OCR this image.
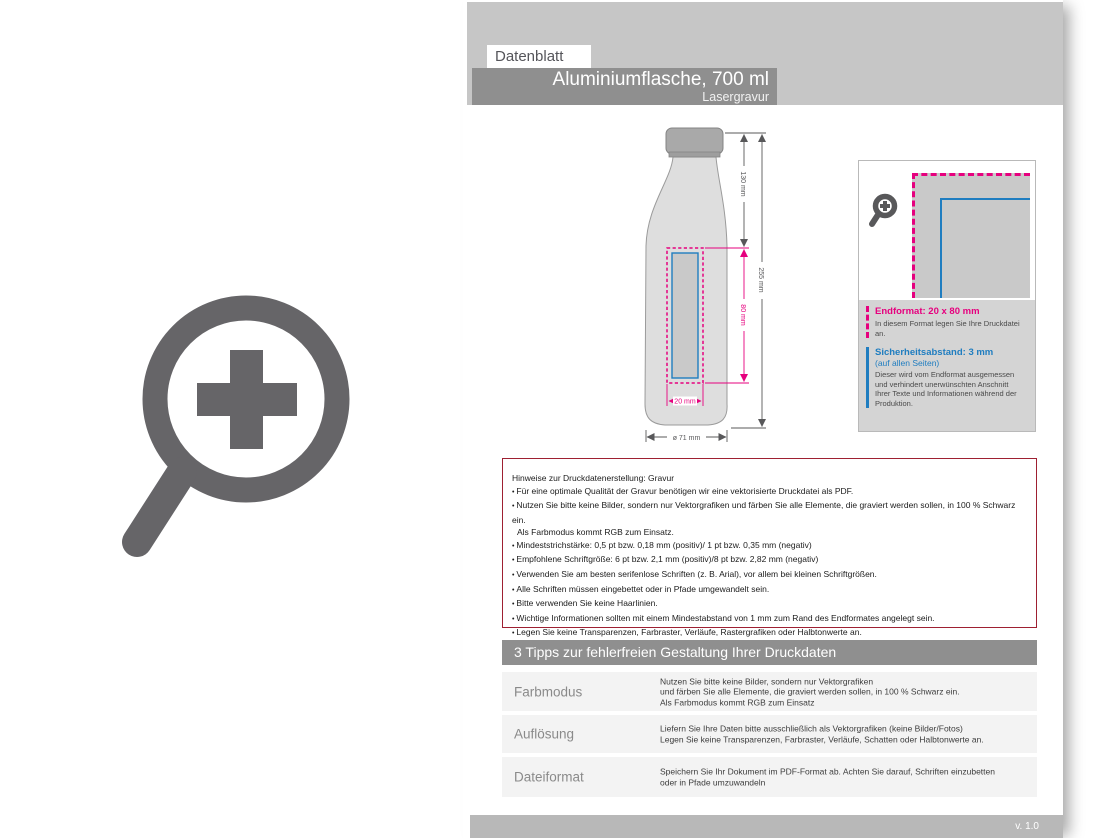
Datenblatt
Aluminiumflasche, 700 ml
Lasergravur
130 mm
80 mm
255 mm
20 mm
ø 71 mm
Endformat: 20 x 80 mm

In diesem Format legen Sie Ihre Druckdatei an.

Sicherheitsabstand: 3 mm
(auf allen Seiten)

Dieser wird vom Endformat ausgemessen und verhindert unerwünschten Anschnitt Ihrer Texte und Informationen während der Produktion.

Hinweise zur Druckdatenerstellung: Gravur
• Für eine optimale Qualität der Gravur benötigen wir eine vektorisierte Druckdatei als PDF.
• Nutzen Sie bitte keine Bilder, sondern nur Vektorgrafiken und färben Sie alle Elemente, die graviert werden sollen, in 100 % Schwarz ein.
Als Farbmodus kommt RGB zum Einsatz.
• Mindeststrichstärke: 0,5 pt bzw. 0,18 mm (positiv)/ 1 pt bzw. 0,35 mm (negativ)
• Empfohlene Schriftgröße: 6 pt bzw. 2,1 mm (positiv)/8 pt bzw. 2,82 mm (negativ)
• Verwenden Sie am besten serifenlose Schriften (z. B. Arial), vor allem bei kleinen Schriftgrößen.
• Alle Schriften müssen eingebettet oder in Pfade umgewandelt sein.
• Bitte verwenden Sie keine Haarlinien.
• Wichtige Informationen sollten mit einem Mindestabstand von 1 mm zum Rand des Endformates angelegt sein.
• Legen Sie keine Transparenzen, Farbraster, Verläufe, Rastergrafiken oder Halbtonwerte an.
3 Tipps zur fehlerfreien Gestaltung Ihrer Druckdaten
Farbmodus
Nutzen Sie bitte keine Bilder, sondern nur Vektorgrafiken
und färben Sie alle Elemente, die graviert werden sollen, in 100 % Schwarz ein.
Als Farbmodus kommt RGB zum Einsatz
Auflösung	Liefern Sie Ihre Daten bitte ausschließlich als Vektorgrafiken (keine Bilder/Fotos)
Legen Sie keine Transparenzen, Farbraster, Verläufe, Schatten oder Halbtonwerte an.
Dateiformat	Speichern Sie Ihr Dokument im PDF-Format ab. Achten Sie darauf, Schriften einzubetten
oder in Pfade umzuwandeln
v. 1.0
